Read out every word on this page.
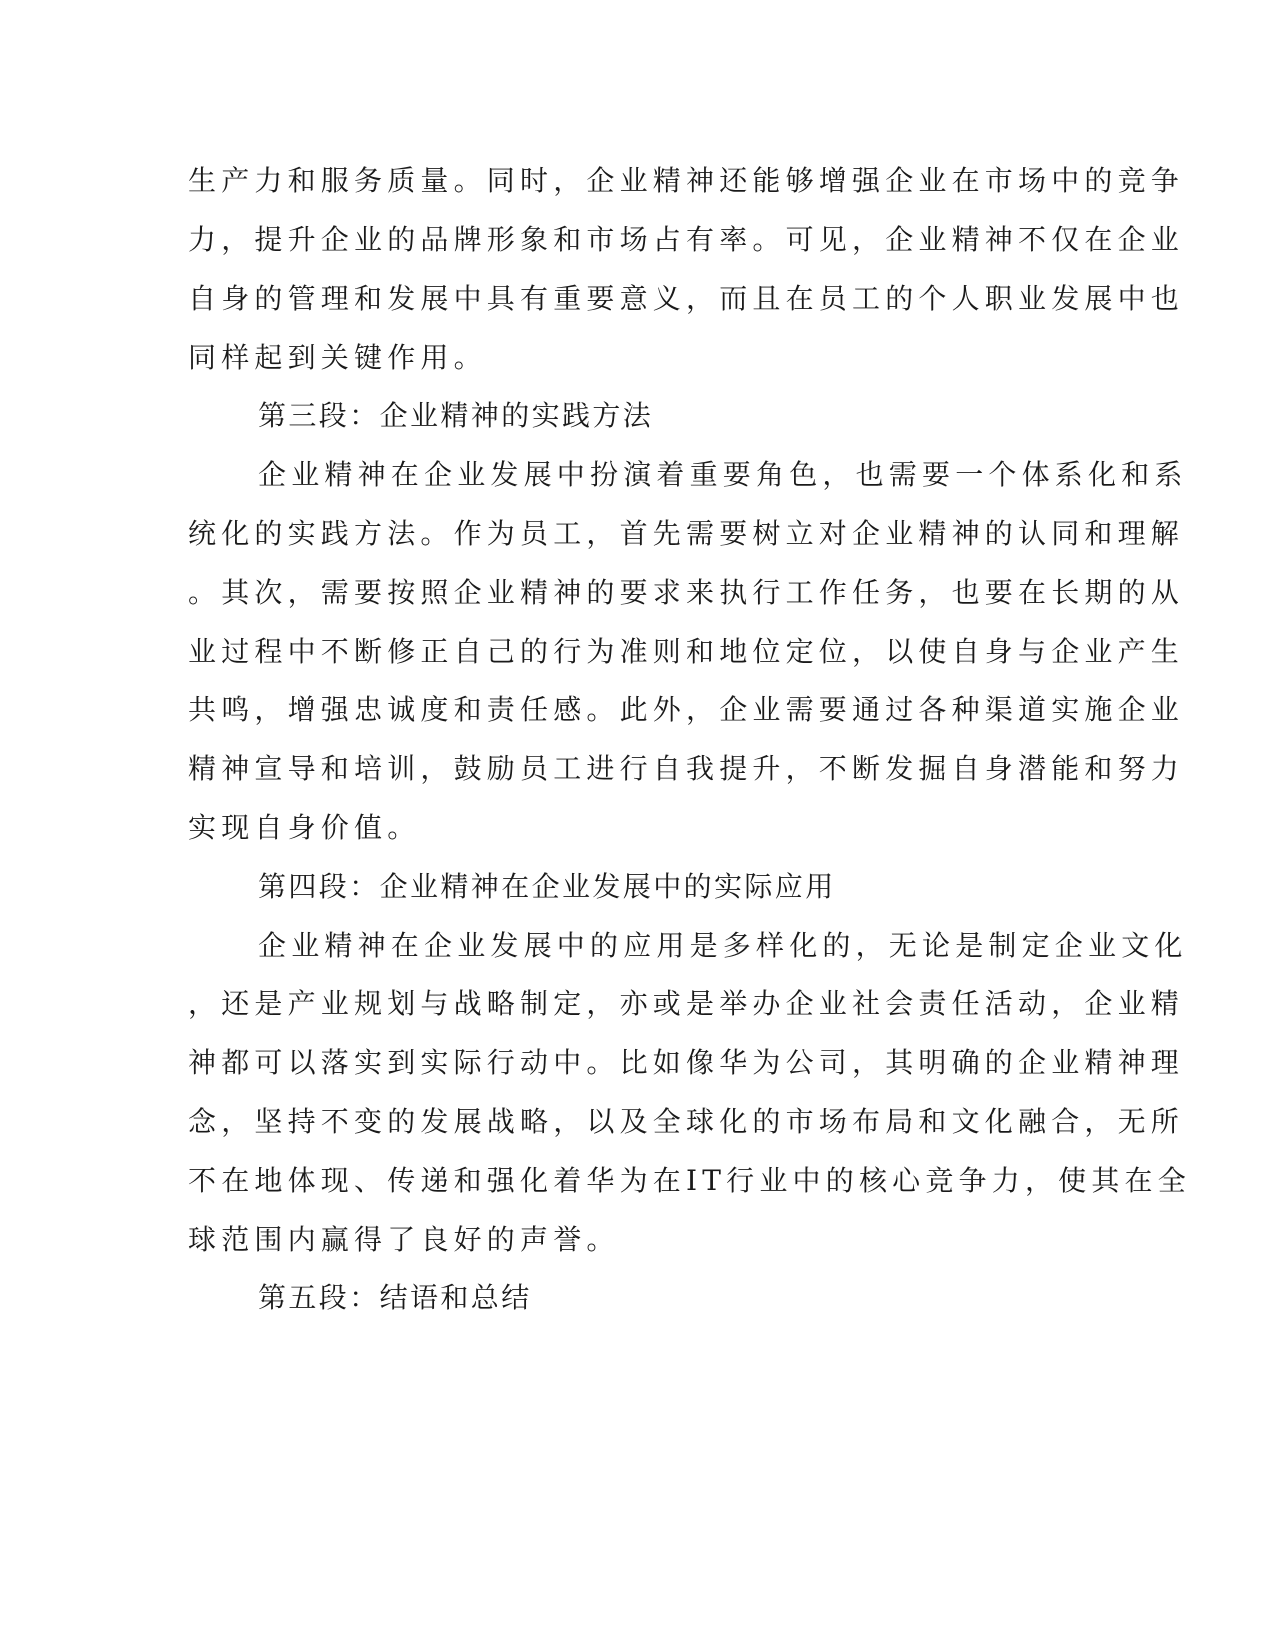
生产力和服务质量。同时，企业精神还能够增强企业在市场中的竞争
力，提升企业的品牌形象和市场占有率。可见，企业精神不仅在企业
自身的管理和发展中具有重要意义，而且在员工的个人职业发展中也
同样起到关键作用。
第三段：企业精神的实践方法
企业精神在企业发展中扮演着重要角色，也需要一个体系化和系
统化的实践方法。作为员工，首先需要树立对企业精神的认同和理解
。其次，需要按照企业精神的要求来执行工作任务，也要在长期的从
业过程中不断修正自己的行为准则和地位定位，以使自身与企业产生
共鸣，增强忠诚度和责任感。此外，企业需要通过各种渠道实施企业
精神宣导和培训，鼓励员工进行自我提升，不断发掘自身潜能和努力
实现自身价值。
第四段：企业精神在企业发展中的实际应用
企业精神在企业发展中的应用是多样化的，无论是制定企业文化
，还是产业规划与战略制定，亦或是举办企业社会责任活动，企业精
神都可以落实到实际行动中。比如像华为公司，其明确的企业精神理
念，坚持不变的发展战略，以及全球化的市场布局和文化融合，无所
不在地体现、传递和强化着华为在IT行业中的核心竞争力，使其在全
球范围内赢得了良好的声誉。
第五段：结语和总结
